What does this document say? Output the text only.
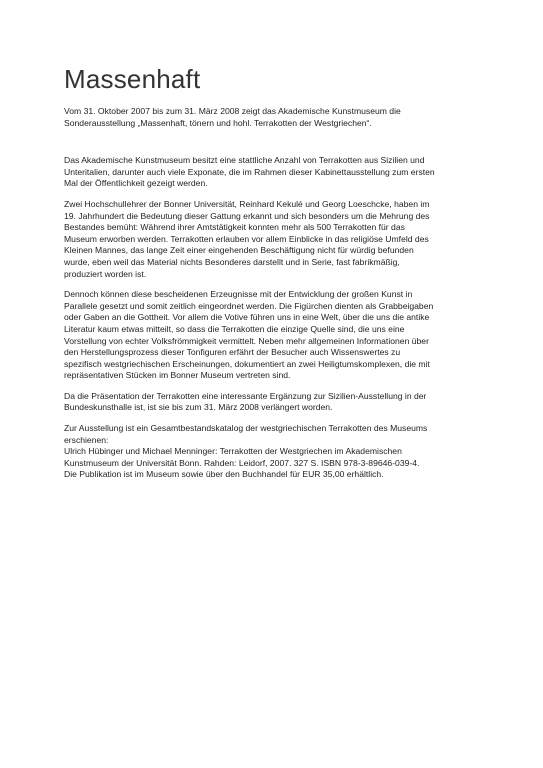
Massenhaft

Vom 31. Oktober 2007 bis zum 31. März 2008 zeigt das Akademische Kunstmuseum die
Sonderausstellung „Massenhaft, tönern und hohl. Terrakotten der Westgriechen“.

Das Akademische Kunstmuseum besitzt eine stattliche Anzahl von Terrakotten aus Sizilien und
Unteritalien, darunter auch viele Exponate, die im Rahmen dieser Kabinettausstellung zum ersten
Mal der Öffentlichkeit gezeigt werden.

Zwei Hochschullehrer der Bonner Universität, Reinhard Kekulé und Georg Loeschcke, haben im
19. Jahrhundert die Bedeutung dieser Gattung erkannt und sich besonders um die Mehrung des
Bestandes bemüht: Während ihrer Amtstätigkeit konnten mehr als 500 Terrakotten für das
Museum erworben werden. Terrakotten erlauben vor allem Einblicke in das religiöse Umfeld des
Kleinen Mannes, das lange Zeit einer eingehenden Beschäftigung nicht für würdig befunden
wurde, eben weil das Material nichts Besonderes darstellt und in Serie, fast fabrikmäßig,
produziert worden ist.

Dennoch können diese bescheidenen Erzeugnisse mit der Entwicklung der großen Kunst in
Parallele gesetzt und somit zeitlich eingeordnet werden. Die Figürchen dienten als Grabbeigaben
oder Gaben an die Gottheit. Vor allem die Votive führen uns in eine Welt, über die uns die antike
Literatur kaum etwas mitteilt, so dass die Terrakotten die einzige Quelle sind, die uns eine
Vorstellung von echter Volksfrömmigkeit vermittelt. Neben mehr allgemeinen Informationen über
den Herstellungsprozess dieser Tonfiguren erfährt der Besucher auch Wissenswertes zu
spezifisch westgriechischen Erscheinungen, dokumentiert an zwei Heiligtumskomplexen, die mit
repräsentativen Stücken im Bonner Museum vertreten sind.

Da die Präsentation der Terrakotten eine interessante Ergänzung zur Sizilien-Ausstellung in der
Bundeskunsthalle ist, ist sie bis zum 31. März 2008 verlängert worden.

Zur Ausstellung ist ein Gesamtbestandskatalog der westgriechischen Terrakotten des Museums
erschienen:
Ulrich Hübinger und Michael Menninger: Terrakotten der Westgriechen im Akademischen
Kunstmuseum der Universität Bonn. Rahden: Leidorf, 2007. 327 S. ISBN 978-3-89646-039-4.
Die Publikation ist im Museum sowie über den Buchhandel für EUR 35,00 erhältlich.
